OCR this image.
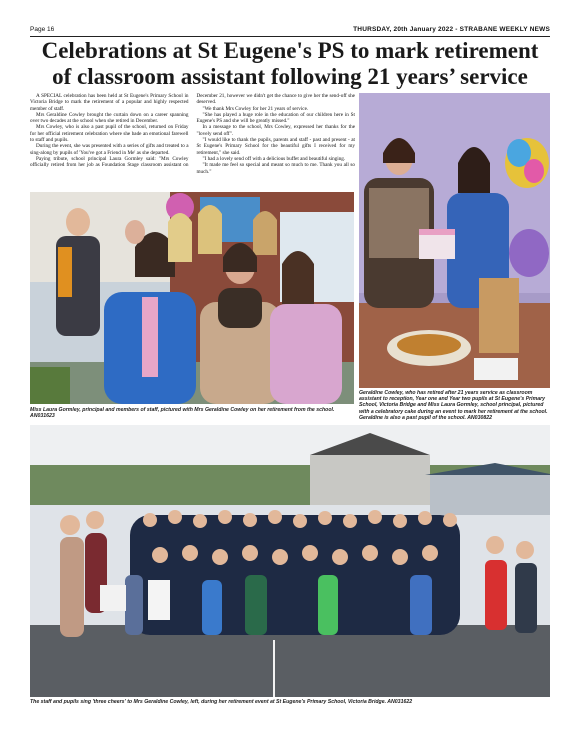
Page 16	THURSDAY, 20th January 2022 - STRABANE WEEKLY NEWS
Celebrations at St Eugene's PS to mark retirement
of classroom assistant following 21 years’ service

A SPECIAL celebration has been held at St Eugene's Primary School in Victoria Bridge to mark the retirement of a popular and highly respected member of staff.

Mrs Geraldine Cowley brought the curtain down on a career spanning over two decades at the school when she retired in December.

Mrs Cowley, who is also a past pupil of the school, returned on Friday for her official retirement celebration where she bade an emotional farewell to staff and pupils.

During the event, she was presented with a series of gifts and treated to a sing-along by pupils of 'You've got a Friend in Me' as she departed.

Paying tribute, school principal Laura Gormley said: "Mrs Cowley officially retired from her job as Foundation Stage classroom assistant on December 21, however we didn't get the chance to give her the send-off she deserved.

"We thank Mrs Cowley for her 21 years of service.

"She has played a huge role in the education of our children here in St Eugene's PS and she will be greatly missed."

In a message to the school, Mrs Cowley, expressed her thanks for the "lovely send off".

"I would like to thank the pupils, parents and staff - past and present - at St Eugene's Primary School for the beautiful gifts I received for my retirement," she said.

"I had a lovely send off with a delicious buffet and beautiful singing.

"It made me feel so special and meant so much to me. Thank you all so much."

Miss Laura Gormley, principal and members of staff, pictured with Mrs Geraldine Cowley on her retirement from the school. AN031623
Geraldine Cowley, who has retired after 21 years service as classroom assistant to reception, Year one and Year two pupils at St Eugene's Primary School, Victoria Bridge and Miss Laura Gormley, school principal, pictured with a celebratory cake during an event to mark her retirement at the school. Geraldine is also a past pupil of the school. AN030822
The staff and pupils sing 'three cheers' to Mrs Geraldine Cowley, left, during her retirement event at St Eugene's Primary School, Victoria Bridge. AN031622
